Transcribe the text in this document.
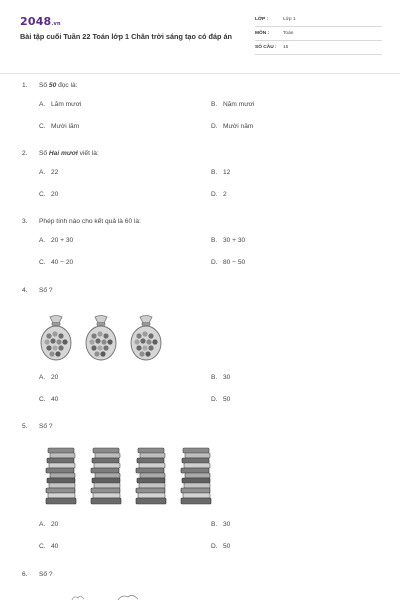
2048.vn
Bài tập cuối Tuần 22 Toán lớp 1 Chân trời sáng tạo có đáp án
LỚP :	Lớp 1
MÔN :	Toán
SỐ CÂU : 15
1. Số 50 đọc là:
A. Lăm mươi	B. Năm mươi
C. Mười lăm	D. Mười năm
2. Số Hai mươi viết là:
A. 22	B. 12
C. 20	D. 2
3. Phép tính nào cho kết quả là 60 là:
A. 20 + 30	B. 30 + 30
C. 40 − 20	D. 80 − 50
4. Số ?
A. 20	B. 30
C. 40	D. 50
5. Số ?
A. 20	B. 30
C. 40	D. 50
6. Số ?
